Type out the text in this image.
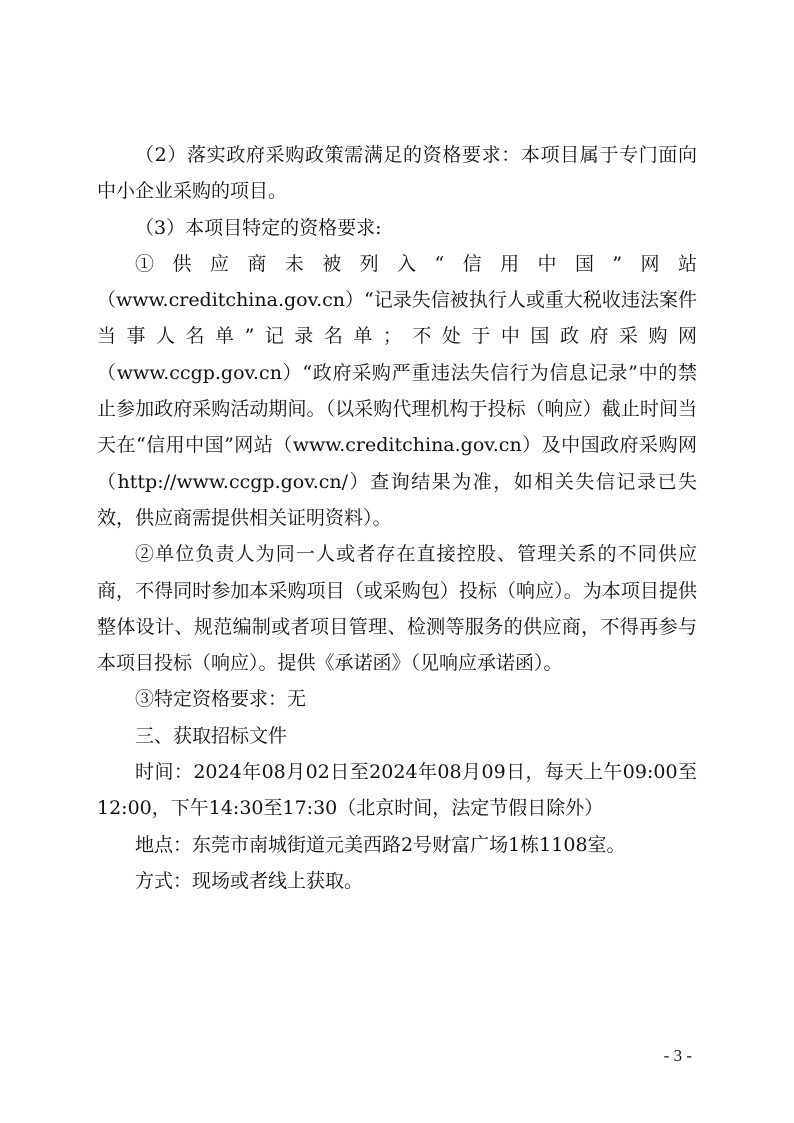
（2）落实政府采购政策需满足的资格要求：本项目属于专门面向中小企业采购的项目。

（3）本项目特定的资格要求:

①供应商未被列入“信用中国”网站（www.creditchina.gov.cn）“记录失信被执行人或重大税收违法案件当事人名单”记录名单；不处于中国政府采购网（www.ccgp.gov.cn）“政府采购严重违法失信行为信息记录”中的禁止参加政府采购活动期间。（以采购代理机构于投标（响应）截止时间当天在“信用中国”网站（www.creditchina.gov.cn）及中国政府采购网（http://www.ccgp.gov.cn/）查询结果为准，如相关失信记录已失效，供应商需提供相关证明资料）。

②单位负责人为同一人或者存在直接控股、管理关系的不同供应商，不得同时参加本采购项目（或采购包）投标（响应）。为本项目提供整体设计、规范编制或者项目管理、检测等服务的供应商，不得再参与本项目投标（响应）。提供《承诺函》（见响应承诺函）。

③特定资格要求：无

三、获取招标文件

时间：2024年08月02日至2024年08月09日，每天上午09:00至12:00，下午14:30至17:30（北京时间，法定节假日除外）

地点：东莞市南城街道元美西路2号财富广场1栋1108室。

方式：现场或者线上获取。

- 3 -
